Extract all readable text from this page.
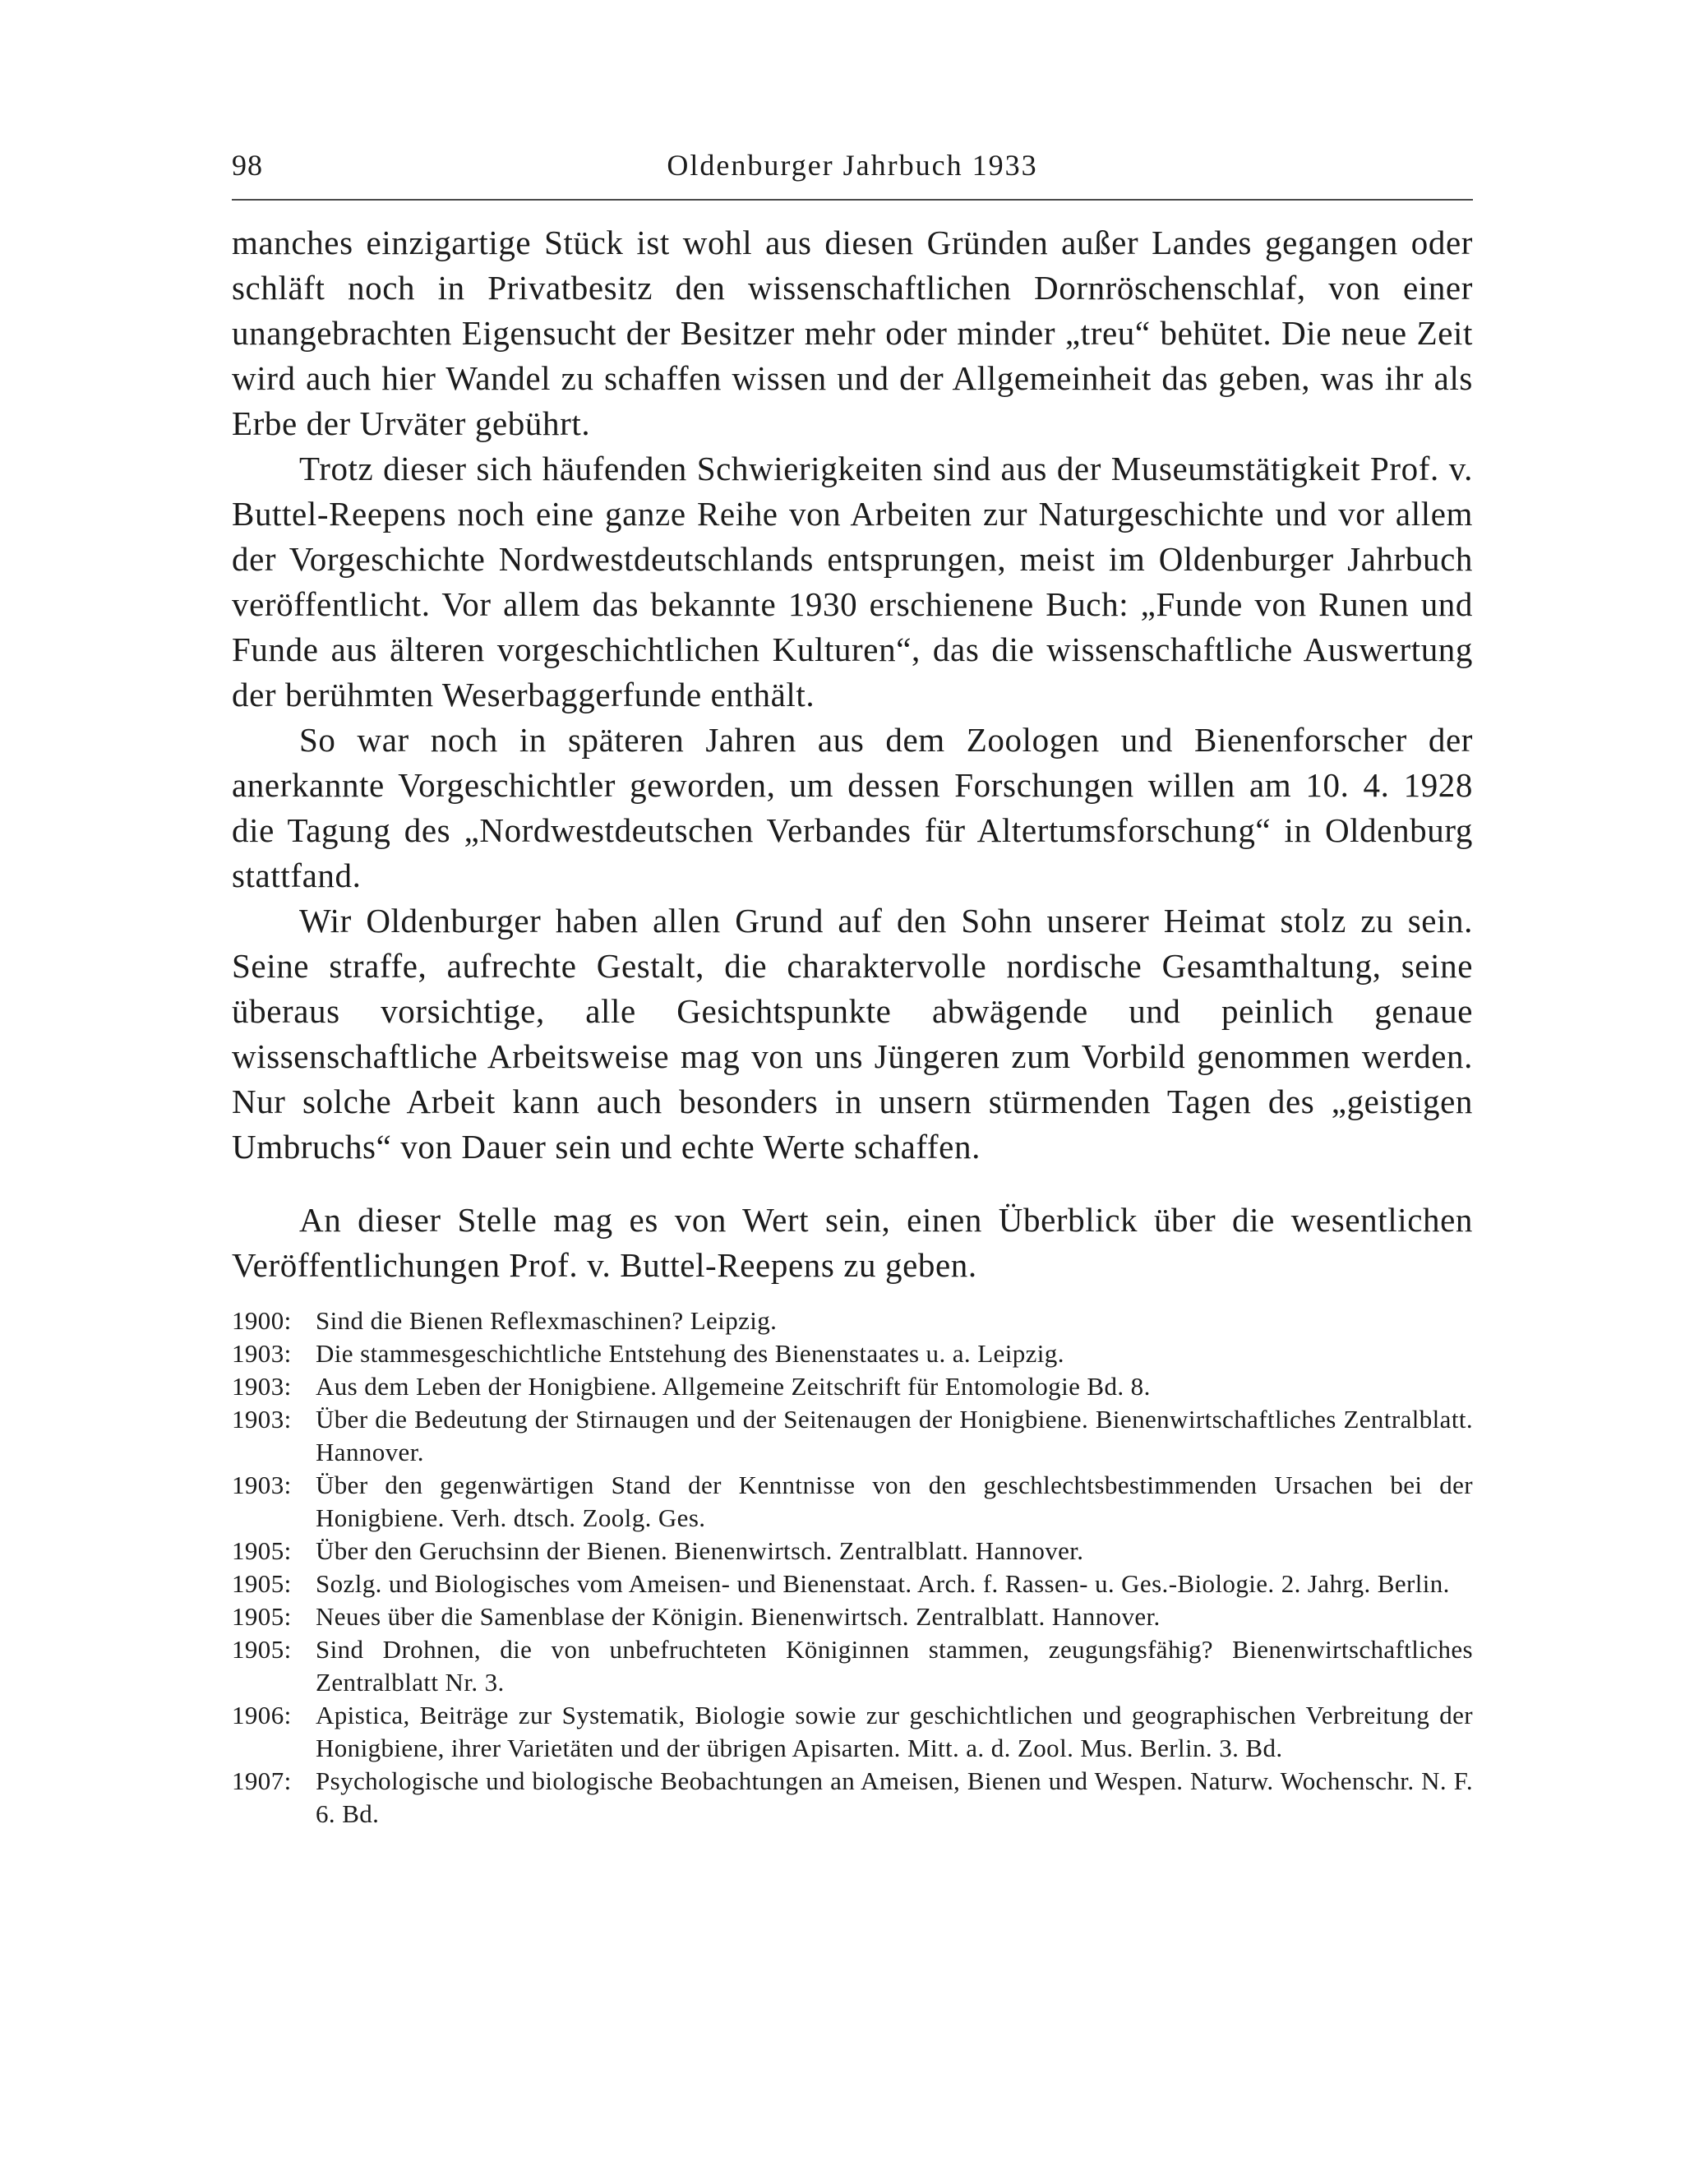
98	Oldenburger Jahrbuch 1933

manches einzigartige Stück ist wohl aus diesen Gründen außer Landes gegangen oder schläft noch in Privatbesitz den wissenschaftlichen Dornröschenschlaf, von einer unangebrachten Eigensucht der Besitzer mehr oder minder „treu“ behütet. Die neue Zeit wird auch hier Wandel zu schaffen wissen und der Allgemeinheit das geben, was ihr als Erbe der Urväter gebührt.

Trotz dieser sich häufenden Schwierigkeiten sind aus der Museumstätigkeit Prof. v. Buttel-Reepens noch eine ganze Reihe von Arbeiten zur Naturgeschichte und vor allem der Vorgeschichte Nordwestdeutschlands entsprungen, meist im Oldenburger Jahrbuch veröffentlicht. Vor allem das bekannte 1930 erschienene Buch: „Funde von Runen und Funde aus älteren vorgeschichtlichen Kulturen“, das die wissenschaftliche Auswertung der berühmten Weserbaggerfunde enthält.

So war noch in späteren Jahren aus dem Zoologen und Bienenforscher der anerkannte Vorgeschichtler geworden, um dessen Forschungen willen am 10. 4. 1928 die Tagung des „Nordwestdeutschen Verbandes für Altertumsforschung“ in Oldenburg stattfand.

Wir Oldenburger haben allen Grund auf den Sohn unserer Heimat stolz zu sein. Seine straffe, aufrechte Gestalt, die charaktervolle nordische Gesamthaltung, seine überaus vorsichtige, alle Gesichtspunkte abwägende und peinlich genaue wissenschaftliche Arbeitsweise mag von uns Jüngeren zum Vorbild genommen werden. Nur solche Arbeit kann auch besonders in unsern stürmenden Tagen des „geistigen Umbruchs“ von Dauer sein und echte Werte schaffen.

An dieser Stelle mag es von Wert sein, einen Überblick über die wesentlichen Veröffentlichungen Prof. v. Buttel-Reepens zu geben.

1900: Sind die Bienen Reflexmaschinen? Leipzig.
1903: Die stammesgeschichtliche Entstehung des Bienenstaates u. a. Leipzig.
1903: Aus dem Leben der Honigbiene. Allgemeine Zeitschrift für Entomologie Bd. 8.
1903: Über die Bedeutung der Stirnaugen und der Seitenaugen der Honigbiene. Bienenwirtschaftliches Zentralblatt. Hannover.
1903: Über den gegenwärtigen Stand der Kenntnisse von den geschlechtsbestimmenden Ursachen bei der Honigbiene. Verh. dtsch. Zoolg. Ges.
1905: Über den Geruchsinn der Bienen. Bienenwirtsch. Zentralblatt. Hannover.
1905: Sozlg. und Biologisches vom Ameisen- und Bienenstaat. Arch. f. Rassen- u. Ges.-Biologie. 2. Jahrg. Berlin.
1905: Neues über die Samenblase der Königin. Bienenwirtsch. Zentralblatt. Hannover.
1905: Sind Drohnen, die von unbefruchteten Königinnen stammen, zeugungsfähig? Bienenwirtschaftliches Zentralblatt Nr. 3.
1906: Apistica, Beiträge zur Systematik, Biologie sowie zur geschichtlichen und geographischen Verbreitung der Honigbiene, ihrer Varietäten und der übrigen Apisarten. Mitt. a. d. Zool. Mus. Berlin. 3. Bd.
1907: Psychologische und biologische Beobachtungen an Ameisen, Bienen und Wespen. Naturw. Wochenschr. N. F. 6. Bd.
